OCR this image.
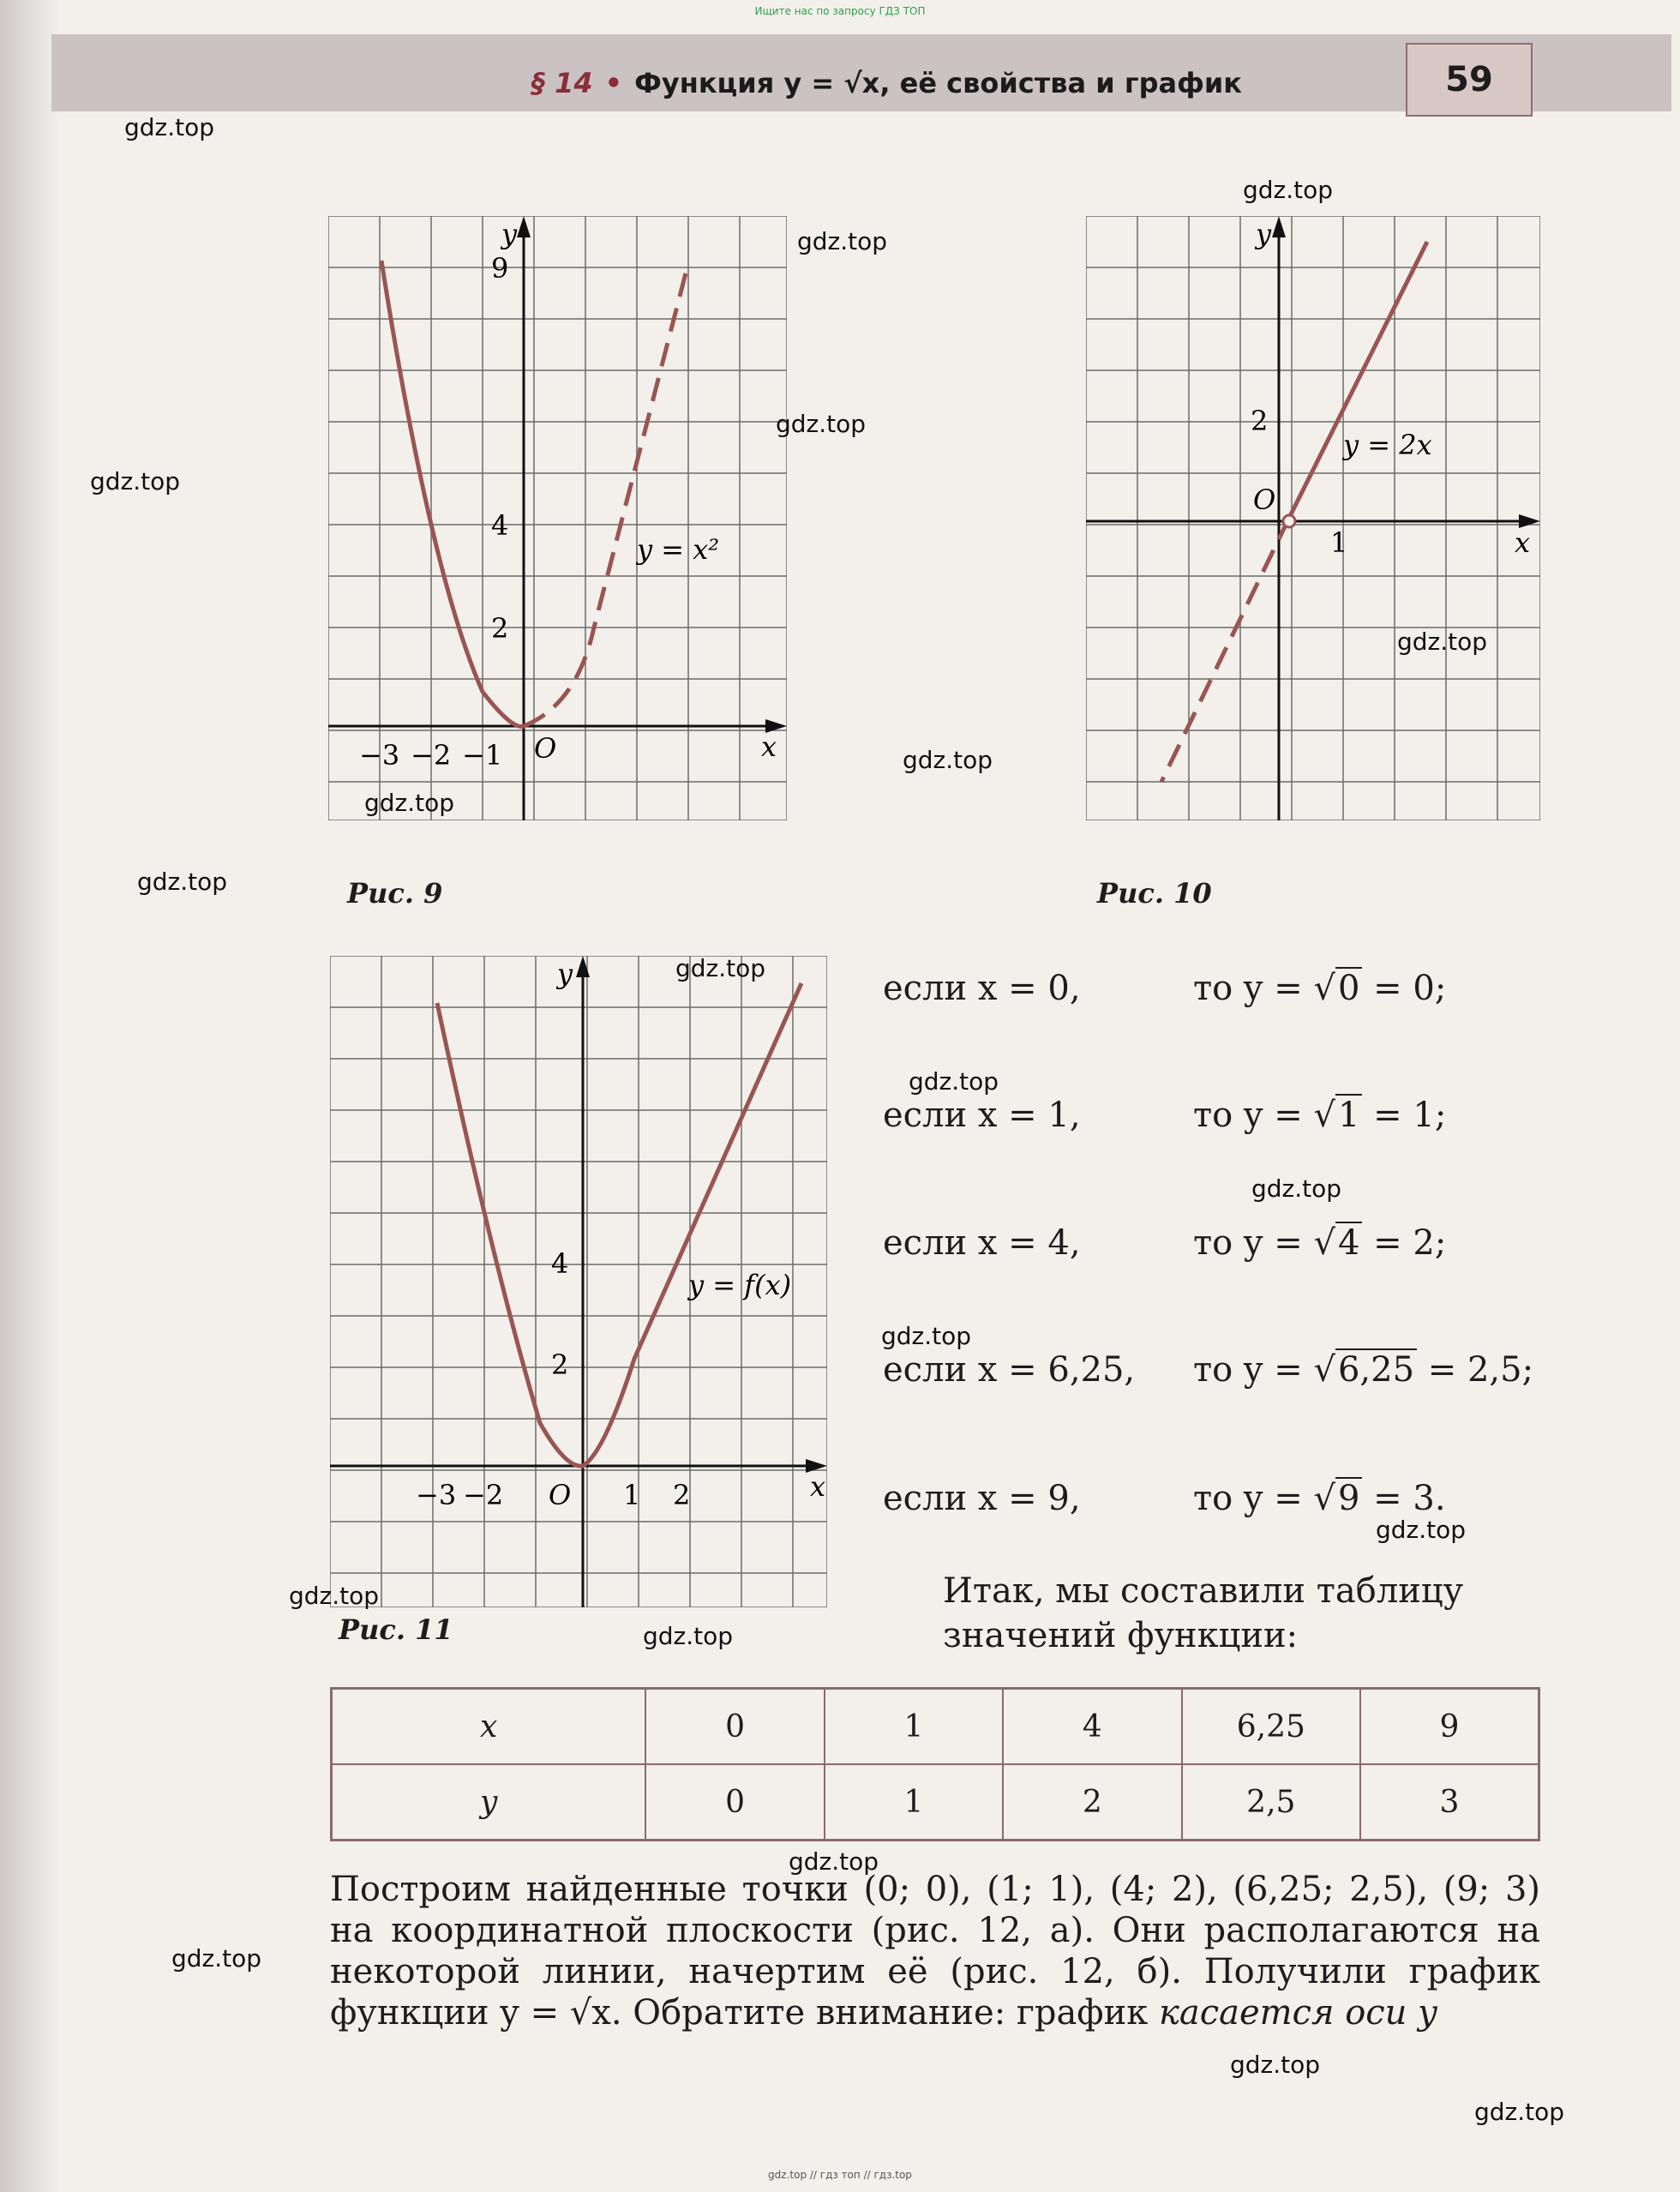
Ищите нас по запросу ГДЗ ТОП
§ 14 • Функция y = √x, её свойства и график	59
y
x
O
9
4
2
−3 −2 −1
y = x²
Рис. 9
y
x
O
2
1
y = 2x
Рис. 10
y
x
O
4
2
−3 −2	1 2
y = f(x)
Рис. 11
если x = 0,	то y = √0 = 0;
если x = 1,	то y = √1 = 1;
если x = 4,	то y = √4 = 2;
если x = 6,25, то y = √6,25 = 2,5;
если x = 9,	то y = √9 = 3.
Итак, мы составили таблицу значений функции:
x	0	1	4	6,25	9
y	0	1	2	2,5	3
Построим найденные точки (0; 0), (1; 1), (4; 2), (6,25; 2,5), (9; 3) на координатной плоскости (рис. 12, а). Они располагаются на некоторой линии, начертим её (рис. 12, б). Получили график функции y = √x. Обратите внимание: график касается оси y
gdz.top
gdz.top
gdz.top
gdz.top
gdz.top
gdz.top
gdz.top
gdz.top
gdz.top
gdz.top
gdz.top
gdz.top
gdz.top
gdz.top
gdz.top
gdz.top
gdz.top
gdz.top
gdz.top
gdz.top
gdz.top // гдз топ // гдз.top
